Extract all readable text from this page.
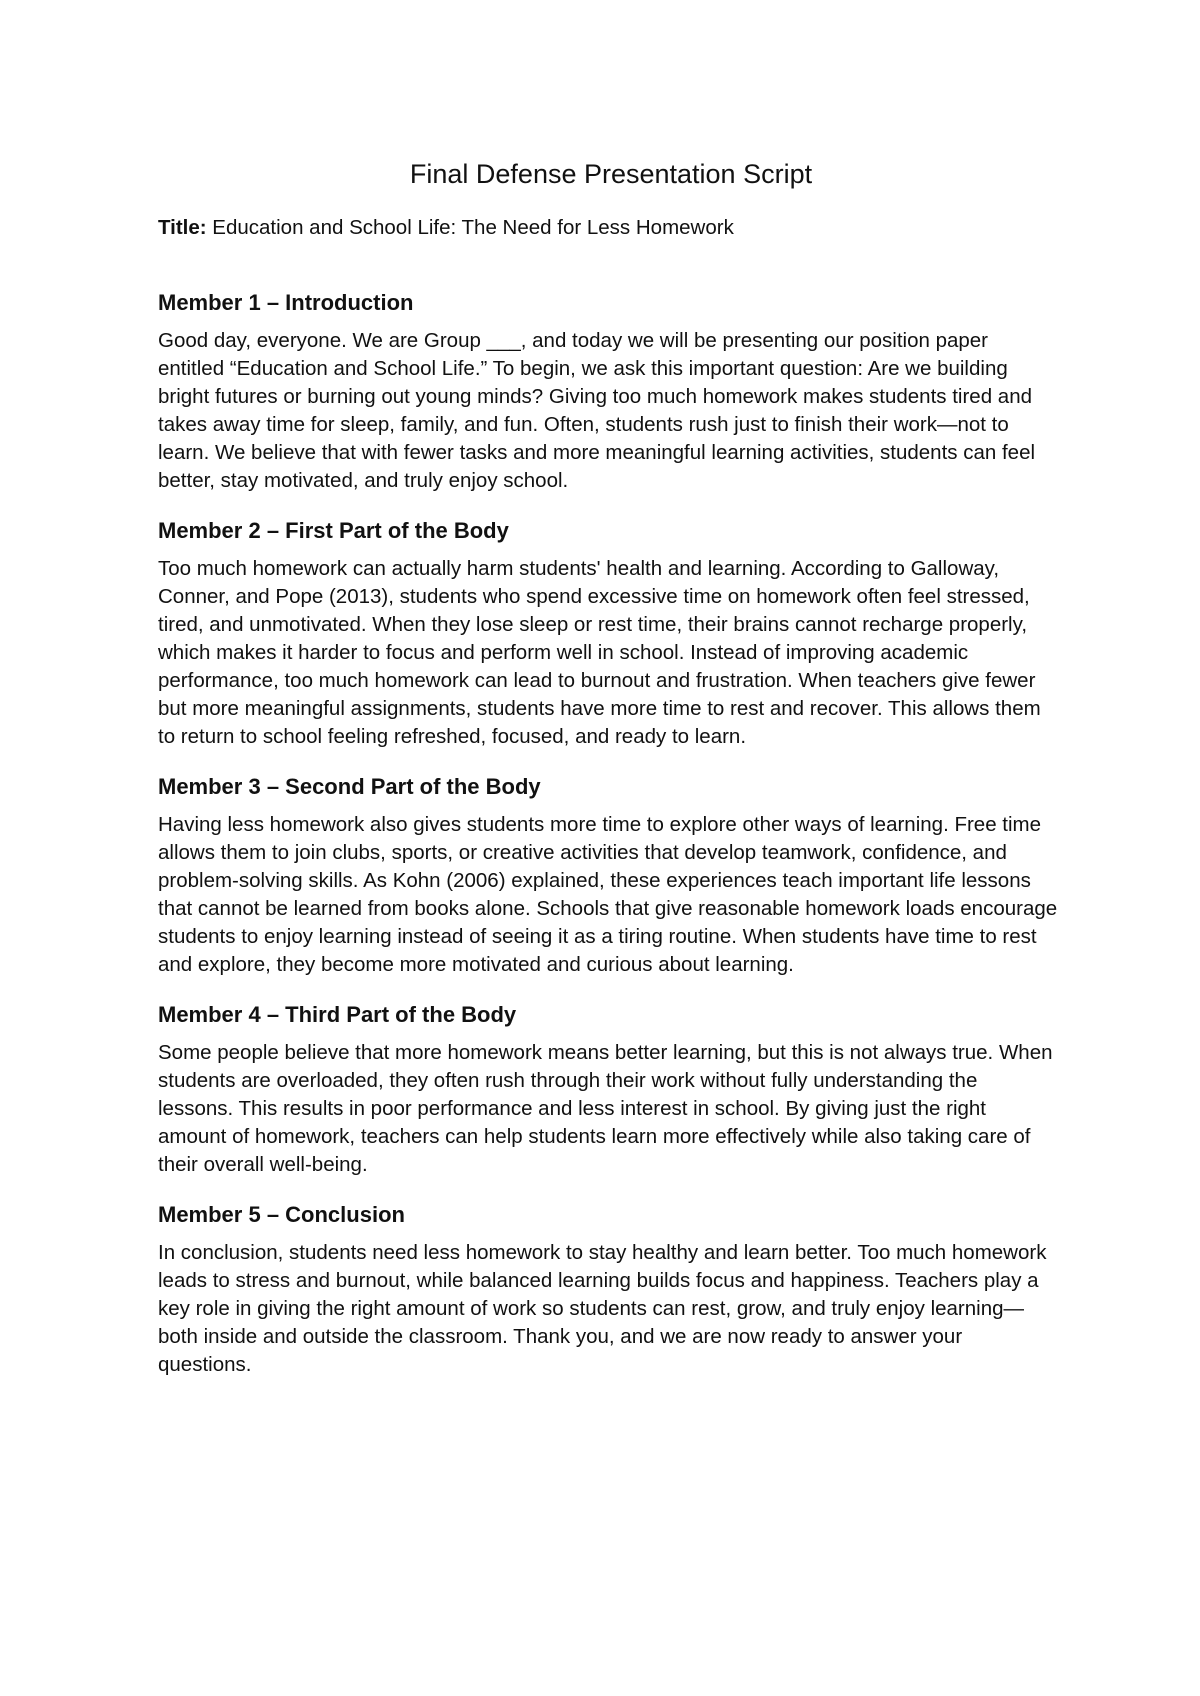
Final Defense Presentation Script

Title: Education and School Life: The Need for Less Homework

Member 1 – Introduction

Good day, everyone. We are Group ___, and today we will be presenting our position paper entitled “Education and School Life.” To begin, we ask this important question: Are we building bright futures or burning out young minds? Giving too much homework makes students tired and takes away time for sleep, family, and fun. Often, students rush just to finish their work—not to learn. We believe that with fewer tasks and more meaningful learning activities, students can feel better, stay motivated, and truly enjoy school.

Member 2 – First Part of the Body

Too much homework can actually harm students' health and learning. According to Galloway, Conner, and Pope (2013), students who spend excessive time on homework often feel stressed, tired, and unmotivated. When they lose sleep or rest time, their brains cannot recharge properly, which makes it harder to focus and perform well in school. Instead of improving academic performance, too much homework can lead to burnout and frustration. When teachers give fewer but more meaningful assignments, students have more time to rest and recover. This allows them to return to school feeling refreshed, focused, and ready to learn.

Member 3 – Second Part of the Body

Having less homework also gives students more time to explore other ways of learning. Free time allows them to join clubs, sports, or creative activities that develop teamwork, confidence, and problem-solving skills. As Kohn (2006) explained, these experiences teach important life lessons that cannot be learned from books alone. Schools that give reasonable homework loads encourage students to enjoy learning instead of seeing it as a tiring routine. When students have time to rest and explore, they become more motivated and curious about learning.

Member 4 – Third Part of the Body

Some people believe that more homework means better learning, but this is not always true. When students are overloaded, they often rush through their work without fully understanding the lessons. This results in poor performance and less interest in school. By giving just the right amount of homework, teachers can help students learn more effectively while also taking care of their overall well-being.

Member 5 – Conclusion

In conclusion, students need less homework to stay healthy and learn better. Too much homework leads to stress and burnout, while balanced learning builds focus and happiness. Teachers play a key role in giving the right amount of work so students can rest, grow, and truly enjoy learning—both inside and outside the classroom. Thank you, and we are now ready to answer your questions.
